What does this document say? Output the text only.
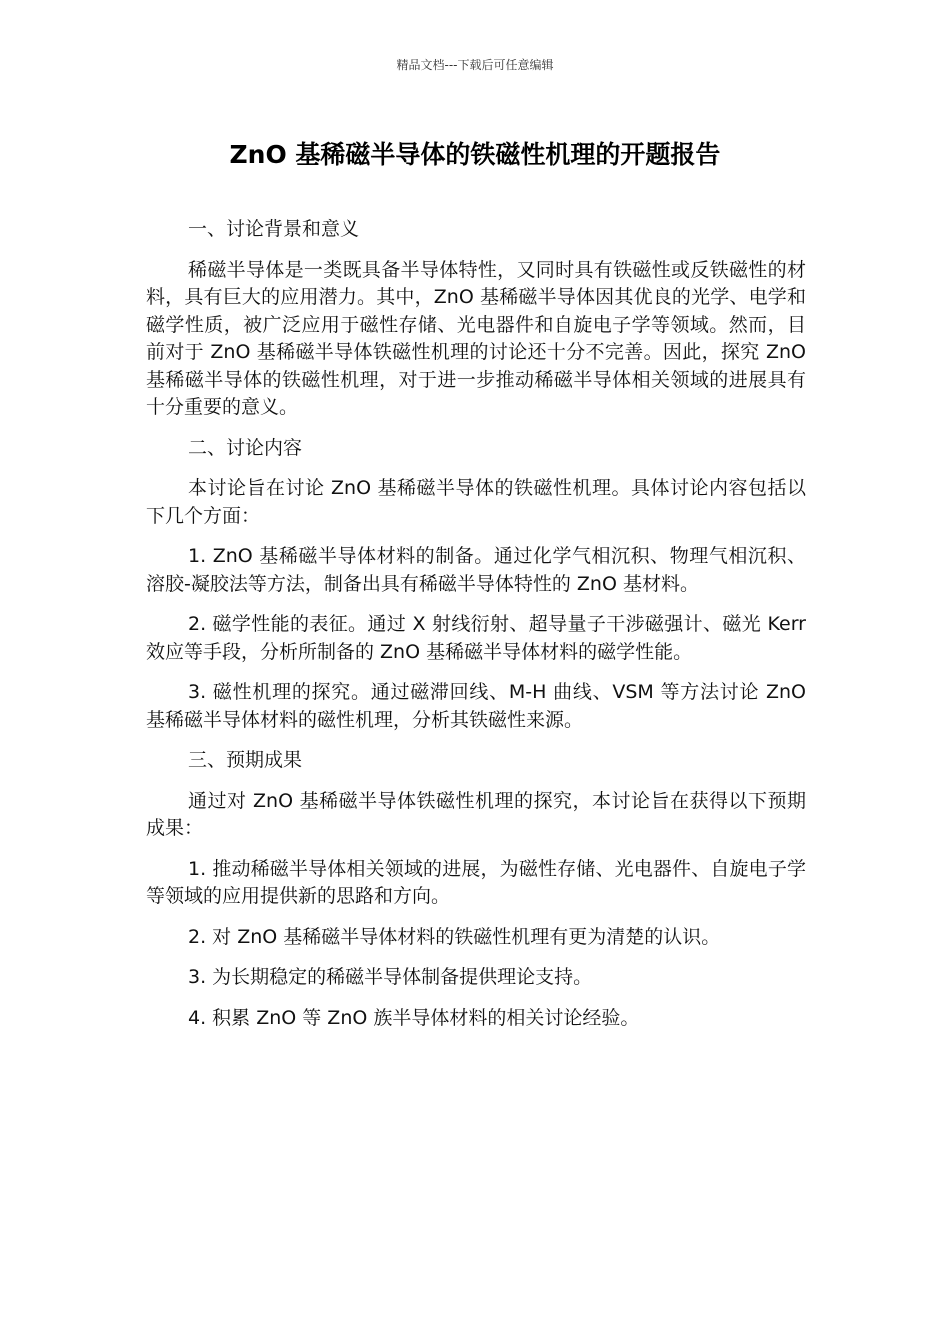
精品文档---下载后可任意编辑
ZnO 基稀磁半导体的铁磁性机理的开题报告

一、讨论背景和意义

稀磁半导体是一类既具备半导体特性，又同时具有铁磁性或反铁磁性的材料，具有巨大的应用潜力。其中，ZnO 基稀磁半导体因其优良的光学、电学和磁学性质，被广泛应用于磁性存储、光电器件和自旋电子学等领域。然而，目前对于 ZnO 基稀磁半导体铁磁性机理的讨论还十分不完善。因此，探究 ZnO 基稀磁半导体的铁磁性机理，对于进一步推动稀磁半导体相关领域的进展具有十分重要的意义。

二、讨论内容

本讨论旨在讨论 ZnO 基稀磁半导体的铁磁性机理。具体讨论内容包括以下几个方面：

1. ZnO 基稀磁半导体材料的制备。通过化学气相沉积、物理气相沉积、溶胶-凝胶法等方法，制备出具有稀磁半导体特性的 ZnO 基材料。

2. 磁学性能的表征。通过 X 射线衍射、超导量子干涉磁强计、磁光 Kerr 效应等手段，分析所制备的 ZnO 基稀磁半导体材料的磁学性能。

3. 磁性机理的探究。通过磁滞回线、M-H 曲线、VSM 等方法讨论 ZnO 基稀磁半导体材料的磁性机理，分析其铁磁性来源。

三、预期成果

通过对 ZnO 基稀磁半导体铁磁性机理的探究，本讨论旨在获得以下预期成果：

1. 推动稀磁半导体相关领域的进展，为磁性存储、光电器件、自旋电子学等领域的应用提供新的思路和方向。

2. 对 ZnO 基稀磁半导体材料的铁磁性机理有更为清楚的认识。

3. 为长期稳定的稀磁半导体制备提供理论支持。

4. 积累 ZnO 等 ZnO 族半导体材料的相关讨论经验。
